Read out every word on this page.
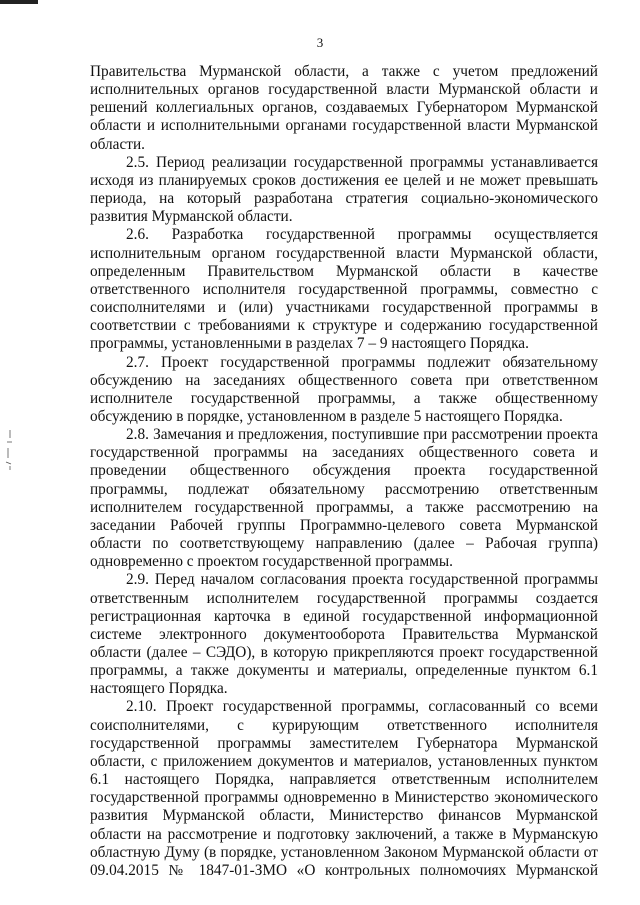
3

Правительства Мурманской области, а также с учетом предложений исполнительных органов государственной власти Мурманской области и решений коллегиальных органов, создаваемых Губернатором Мурманской области и исполнительными органами государственной власти Мурманской области.

2.5. Период реализации государственной программы устанавливается исходя из планируемых сроков достижения ее целей и не может превышать периода, на который разработана стратегия социально-экономического развития Мурманской области.

2.6. Разработка государственной программы осуществляется исполнительным органом государственной власти Мурманской области, определенным Правительством Мурманской области в качестве ответственного исполнителя государственной программы, совместно с соисполнителями и (или) участниками государственной программы в соответствии с требованиями к структуре и содержанию государственной программы, установленными в разделах 7 – 9 настоящего Порядка.

2.7. Проект государственной программы подлежит обязательному обсуждению на заседаниях общественного совета при ответственном исполнителе государственной программы, а также общественному обсуждению в порядке, установленном в разделе 5 настоящего Порядка.

2.8. Замечания и предложения, поступившие при рассмотрении проекта государственной программы на заседаниях общественного совета и проведении общественного обсуждения проекта государственной программы, подлежат обязательному рассмотрению ответственным исполнителем государственной программы, а также рассмотрению на заседании Рабочей группы Программно-целевого совета Мурманской области по соответствующему направлению (далее – Рабочая группа) одновременно с проектом государственной программы.

2.9. Перед началом согласования проекта государственной программы ответственным исполнителем государственной программы создается регистрационная карточка в единой государственной информационной системе электронного документооборота Правительства Мурманской области (далее – СЭДО), в которую прикрепляются проект государственной программы, а также документы и материалы, определенные пунктом 6.1 настоящего Порядка.

2.10. Проект государственной программы, согласованный со всеми соисполнителями, с курирующим ответственного исполнителя государственной программы заместителем Губернатора Мурманской области, с приложением документов и материалов, установленных пунктом 6.1 настоящего Порядка, направляется ответственным исполнителем государственной программы одновременно в Министерство экономического развития Мурманской области, Министерство финансов Мурманской области на рассмотрение и подготовку заключений, а также в Мурманскую областную Думу (в порядке, установленном Законом Мурманской области от 09.04.2015 № 1847-01-ЗМО «О контрольных полномочиях Мурманской
